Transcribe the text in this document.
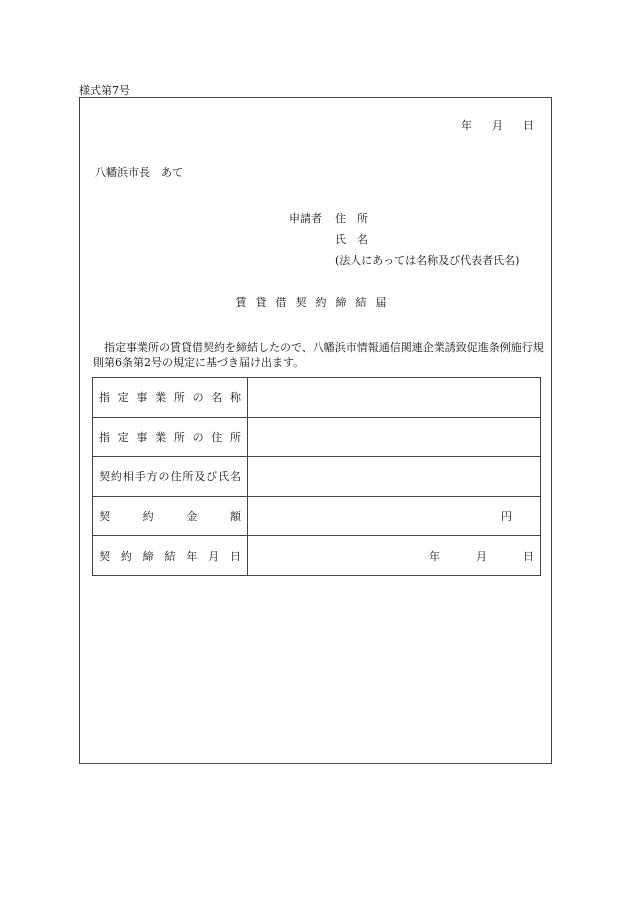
様式第7号
年 月 日
八幡浜市長　あて
申請者	住　所
氏　名
(法人にあっては名称及び代表者氏名)
賃貸借契約締結届
指定事業所の賃貸借契約を締結したので、八幡浜市情報通信関連企業誘致促進条例施行規則第6条第2号の規定に基づき届け出ます。
指定事業所の名称	
指定事業所の住所	
契約相手方の住所及び氏名	
契約金額	円
契約締結年月日	年 月 日
